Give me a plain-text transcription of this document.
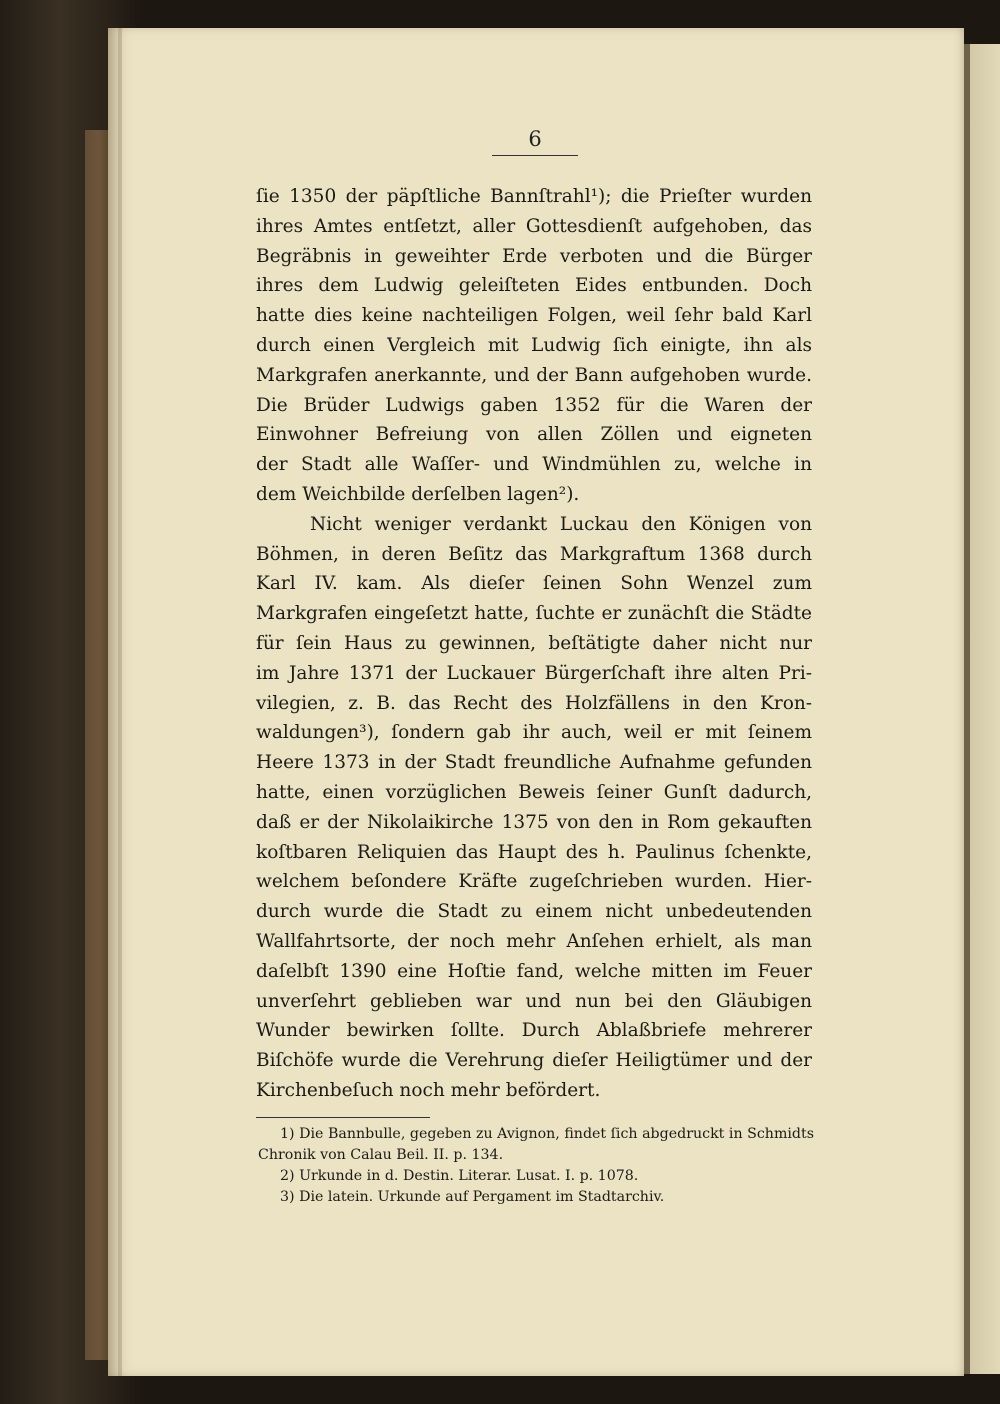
6
ſie 1350 der päpſtliche Bannſtrahl¹); die Prieſter wurden
ihres Amtes entſetzt, aller Gottesdienſt aufgehoben, das
Begräbnis in geweihter Erde verboten und die Bürger
ihres dem Ludwig geleiſteten Eides entbunden. Doch
hatte dies keine nachteiligen Folgen, weil ſehr bald Karl
durch einen Vergleich mit Ludwig ſich einigte, ihn als
Markgrafen anerkannte, und der Bann aufgehoben wurde.
Die Brüder Ludwigs gaben 1352 für die Waren der
Einwohner Befreiung von allen Zöllen und eigneten
der Stadt alle Waſſer- und Windmühlen zu, welche in
dem Weichbilde derſelben lagen²).
Nicht weniger verdankt Luckau den Königen von
Böhmen, in deren Beſitz das Markgraftum 1368 durch
Karl IV. kam. Als dieſer ſeinen Sohn Wenzel zum
Markgrafen eingeſetzt hatte, ſuchte er zunächſt die Städte
für ſein Haus zu gewinnen, beſtätigte daher nicht nur
im Jahre 1371 der Luckauer Bürgerſchaft ihre alten Pri-
vilegien, z. B. das Recht des Holzfällens in den Kron-
waldungen³), ſondern gab ihr auch, weil er mit ſeinem
Heere 1373 in der Stadt freundliche Aufnahme gefunden
hatte, einen vorzüglichen Beweis ſeiner Gunſt dadurch,
daß er der Nikolaikirche 1375 von den in Rom gekauften
koſtbaren Reliquien das Haupt des h. Paulinus ſchenkte,
welchem beſondere Kräfte zugeſchrieben wurden. Hier-
durch wurde die Stadt zu einem nicht unbedeutenden
Wallfahrtsorte, der noch mehr Anſehen erhielt, als man
daſelbſt 1390 eine Hoſtie fand, welche mitten im Feuer
unverſehrt geblieben war und nun bei den Gläubigen
Wunder bewirken ſollte. Durch Ablaßbriefe mehrerer
Biſchöfe wurde die Verehrung dieſer Heiligtümer und der
Kirchenbeſuch noch mehr befördert.
1) Die Bannbulle, gegeben zu Avignon, findet ſich abgedruckt in Schmidts
Chronik von Calau Beil. II. p. 134.
2) Urkunde in d. Destin. Literar. Lusat. I. p. 1078.
3) Die latein. Urkunde auf Pergament im Stadtarchiv.
